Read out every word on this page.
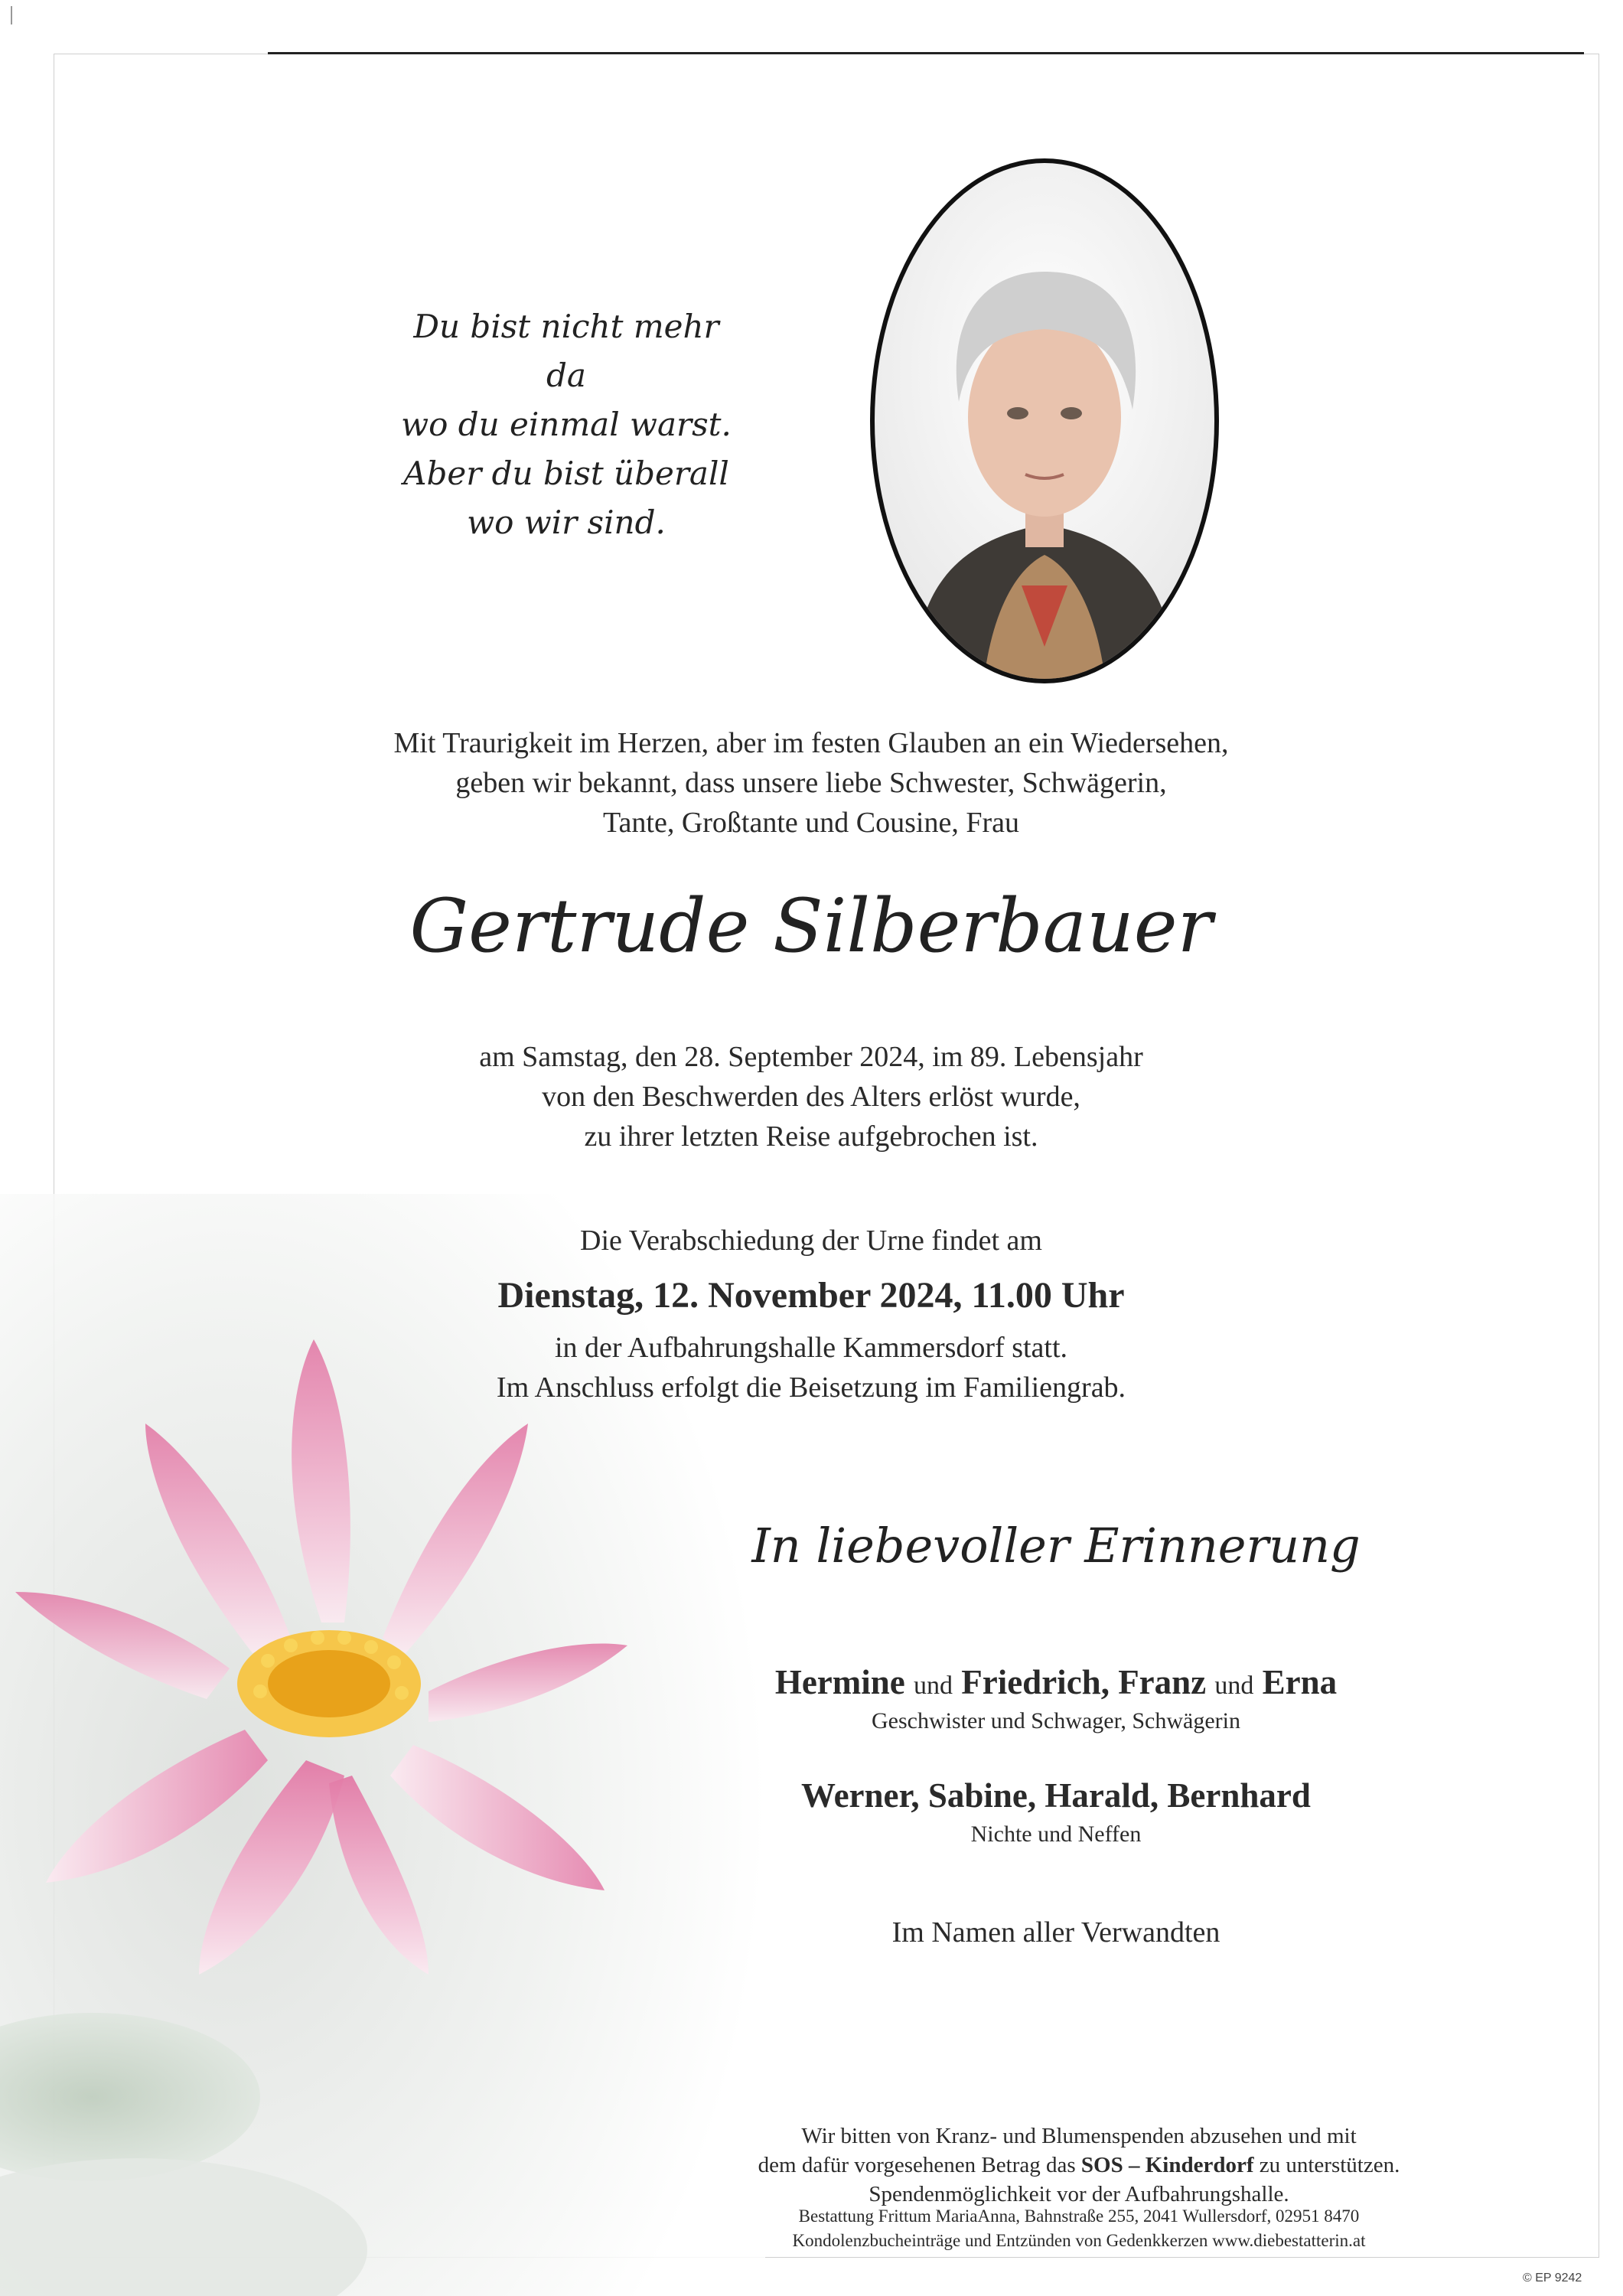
Du bist nicht mehr da
wo du einmal warst.
Aber du bist überall
wo wir sind.
Mit Traurigkeit im Herzen, aber im festen Glauben an ein Wiedersehen,
geben wir bekannt, dass unsere liebe Schwester, Schwägerin,
Tante, Großtante und Cousine, Frau
Gertrude Silberbauer
am Samstag, den 28. September 2024, im 89. Lebensjahr
von den Beschwerden des Alters erlöst wurde,
zu ihrer letzten Reise aufgebrochen ist.
Die Verabschiedung der Urne findet am
Dienstag, 12. November 2024, 11.00 Uhr
in der Aufbahrungshalle Kammersdorf statt.
Im Anschluss erfolgt die Beisetzung im Familiengrab.
In liebevoller Erinnerung
Hermine und Friedrich, Franz und Erna
Geschwister und Schwager, Schwägerin
Werner, Sabine, Harald, Bernhard
Nichte und Neffen
Im Namen aller Verwandten
Wir bitten von Kranz- und Blumenspenden abzusehen und mit
dem dafür vorgesehenen Betrag das SOS – Kinderdorf zu unterstützen.
Spendenmöglichkeit vor der Aufbahrungshalle.
Bestattung Frittum MariaAnna, Bahnstraße 255, 2041 Wullersdorf, 02951 8470
Kondolenzbucheinträge und Entzünden von Gedenkkerzen www.diebestatterin.at
© EP 9242
